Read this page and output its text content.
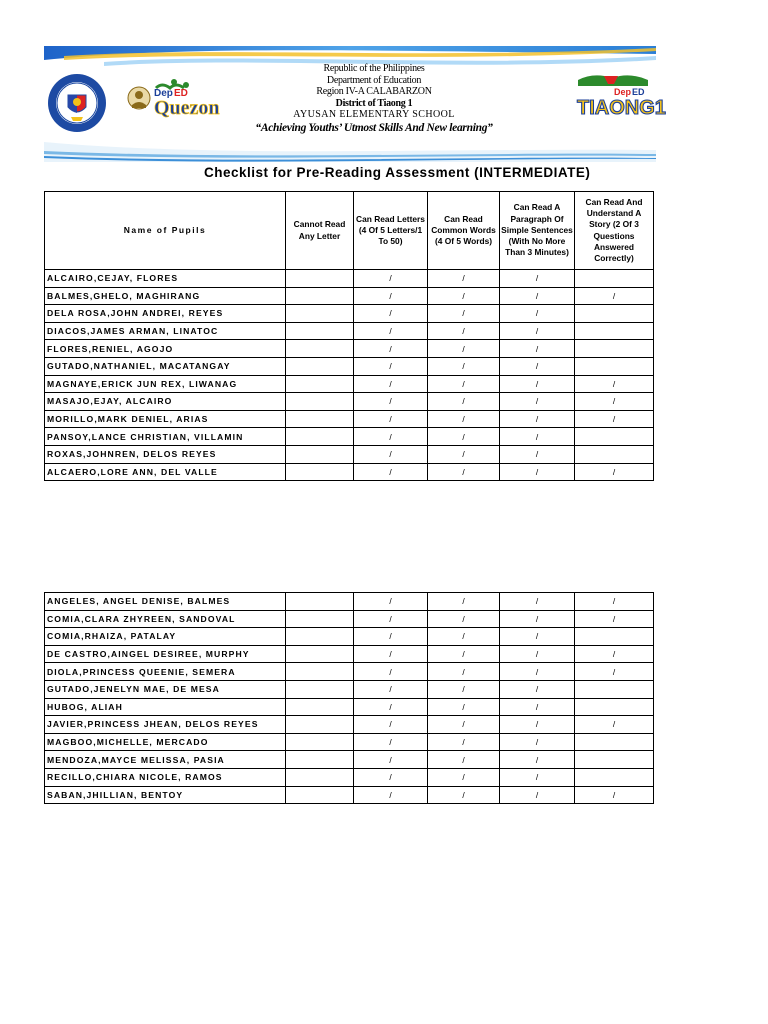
Dep ED
Quezon
Republic of the Philippines
Department of Education
Region IV-A CALABARZON
District of Tiaong 1
AYUSAN ELEMENTARY SCHOOL
“Achieving Youths’ Utmost Skills And New learning”
Dep ED
TIAONG1
Checklist for Pre-Reading Assessment (INTERMEDIATE)
Name of Pupils	Cannot Read Any Letter	Can Read Letters (4 Of 5 Letters/1 To 50)	Can Read Common Words (4 Of 5 Words)	Can Read A Paragraph Of Simple Sentences (With No More Than 3 Minutes)	Can Read And Understand A Story (2 Of 3 Questions Answered Correctly)
ALCAIRO,CEJAY, FLORES		/	/	/	
BALMES,GHELO, MAGHIRANG		/	/	/	/
DELA ROSA,JOHN ANDREI, REYES		/	/	/	
DIACOS,JAMES ARMAN, LINATOC		/	/	/	
FLORES,RENIEL, AGOJO		/	/	/	
GUTADO,NATHANIEL, MACATANGAY		/	/	/	
MAGNAYE,ERICK JUN REX, LIWANAG		/	/	/	/
MASAJO,EJAY, ALCAIRO		/	/	/	/
MORILLO,MARK DENIEL, ARIAS		/	/	/	/
PANSOY,LANCE CHRISTIAN, VILLAMIN		/	/	/	
ROXAS,JOHNREN, DELOS REYES		/	/	/	
ALCAERO,LORE ANN, DEL VALLE		/	/	/	/
ANGELES, ANGEL DENISE, BALMES		/	/	/	/
COMIA,CLARA ZHYREEN, SANDOVAL		/	/	/	/
COMIA,RHAIZA, PATALAY		/	/	/	
DE CASTRO,AINGEL DESIREE, MURPHY		/	/	/	/
DIOLA,PRINCESS QUEENIE, SEMERA		/	/	/	/
GUTADO,JENELYN MAE, DE MESA		/	/	/	
HUBOG, ALIAH		/	/	/	
JAVIER,PRINCESS JHEAN, DELOS REYES		/	/	/	/
MAGBOO,MICHELLE, MERCADO		/	/	/	
MENDOZA,MAYCE MELISSA, PASIA		/	/	/	
RECILLO,CHIARA NICOLE, RAMOS		/	/	/	
SABAN,JHILLIAN, BENTOY		/	/	/	/
